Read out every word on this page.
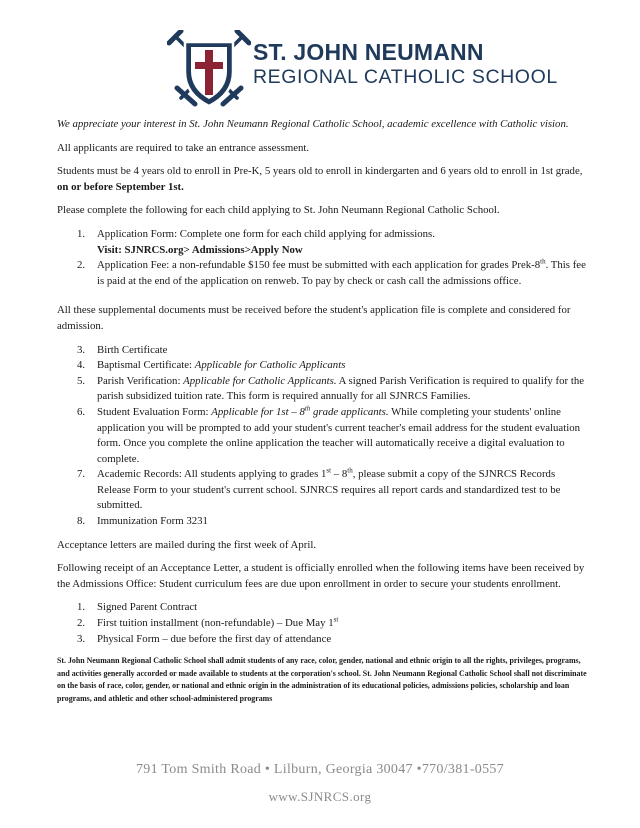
ST. JOHN NEUMANN
REGIONAL CATHOLIC SCHOOL

We appreciate your interest in St. John Neumann Regional Catholic School, academic excellence with Catholic vision.

All applicants are required to take an entrance assessment.

Students must be 4 years old to enroll in Pre-K, 5 years old to enroll in kindergarten and 6 years old to enroll in 1st grade, on or before September 1st.

Please complete the following for each child applying to St. John Neumann Regional Catholic School.

1. Application Form: Complete one form for each child applying for admissions.
Visit: SJNRCS.org> Admissions>Apply Now
2. Application Fee: a non-refundable $150 fee must be submitted with each application for grades Prek-8th. This fee is paid at the end of the application on renweb. To pay by check or cash call the admissions office.

All these supplemental documents must be received before the student's application file is complete and considered for admission.

3. Birth Certificate
4. Baptismal Certificate: Applicable for Catholic Applicants
5. Parish Verification: Applicable for Catholic Applicants. A signed Parish Verification is required to qualify for the parish subsidized tuition rate. This form is required annually for all SJNRCS Families.
6. Student Evaluation Form: Applicable for 1st – 8th grade applicants. While completing your students' online application you will be prompted to add your student's current teacher's email address for the student evaluation form. Once you complete the online application the teacher will automatically receive a digital evaluation to complete.
7. Academic Records: All students applying to grades 1st – 8th, please submit a copy of the SJNRCS Records Release Form to your student's current school. SJNRCS requires all report cards and standardized test to be submitted.
8. Immunization Form 3231

Acceptance letters are mailed during the first week of April.

Following receipt of an Acceptance Letter, a student is officially enrolled when the following items have been received by the Admissions Office: Student curriculum fees are due upon enrollment in order to secure your students enrollment.

1. Signed Parent Contract
2. First tuition installment (non-refundable) – Due May 1st
3. Physical Form – due before the first day of attendance

St. John Neumann Regional Catholic School shall admit students of any race, color, gender, national and ethnic origin to all the rights, privileges, programs, and activities generally accorded or made available to students at the corporation's school. St. John Neumann Regional Catholic School shall not discriminate on the basis of race, color, gender, or national and ethnic origin in the administration of its educational policies, admissions policies, scholarship and loan programs, and athletic and other school-administered programs

791 Tom Smith Road • Lilburn, Georgia 30047 •770/381-0557
www.SJNRCS.org
